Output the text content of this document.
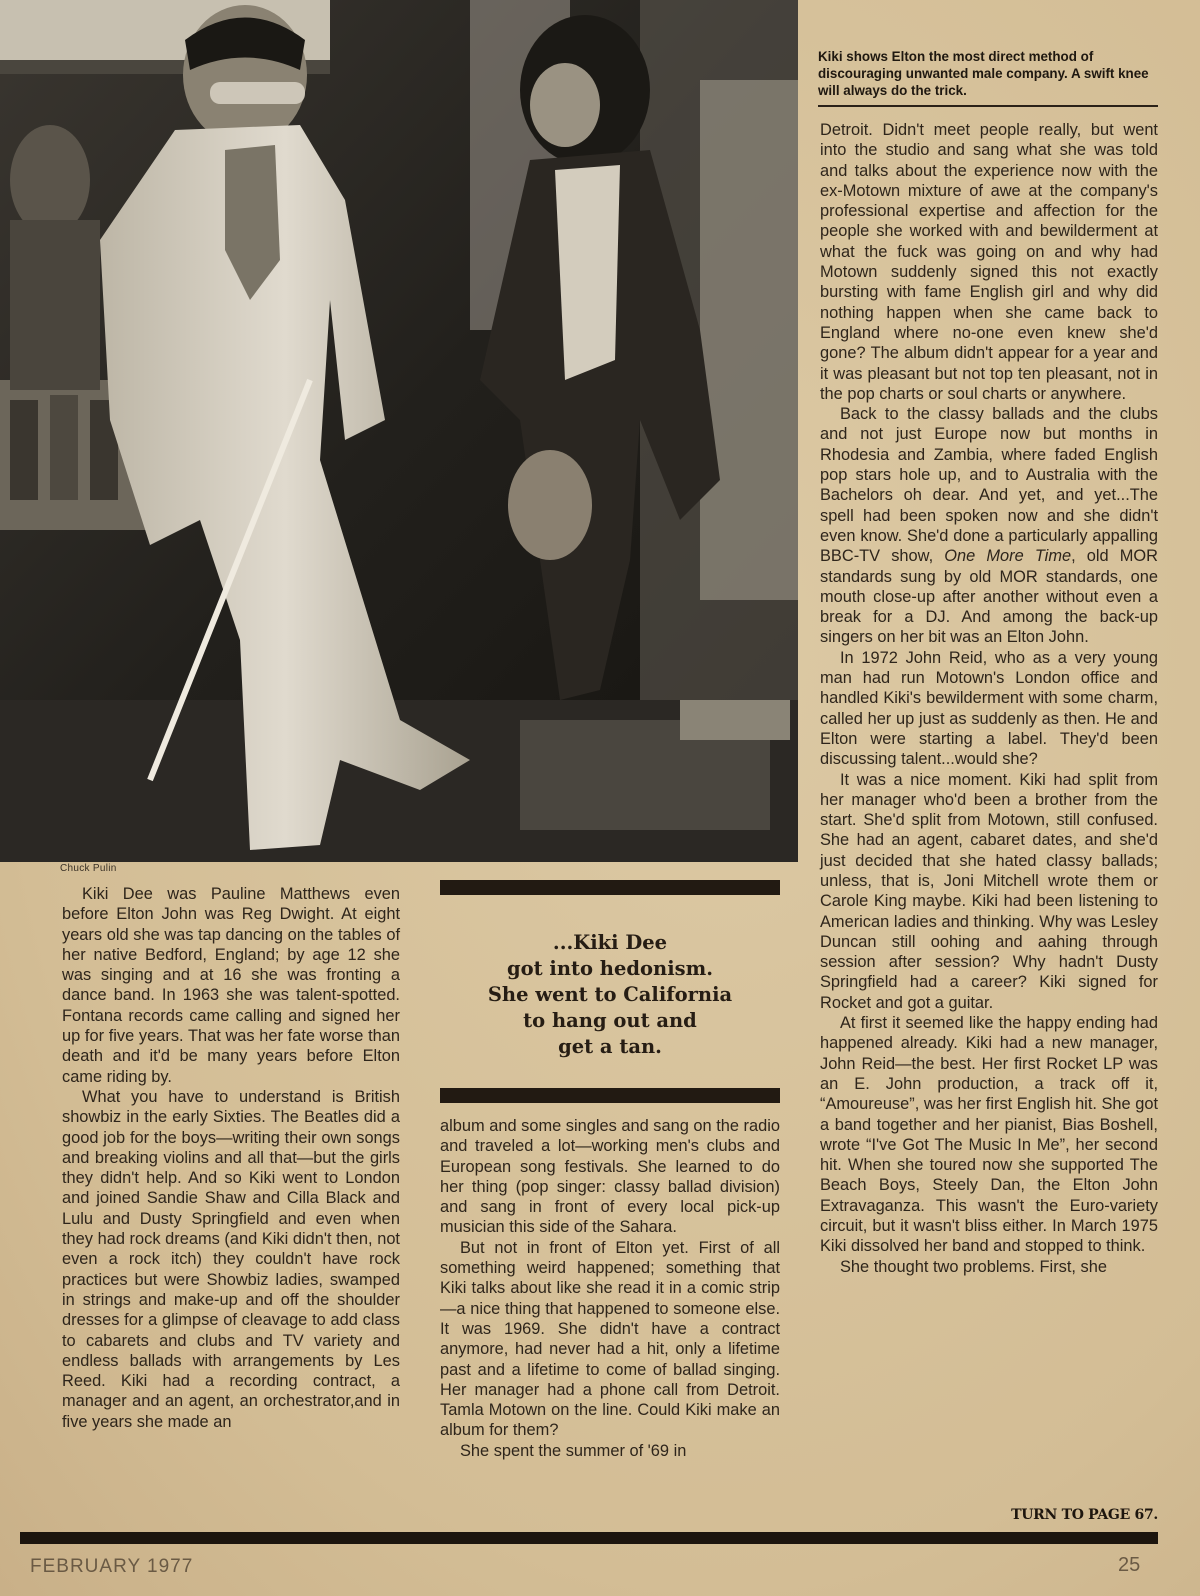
Chuck Pulin
Kiki shows Elton the most direct method of discouraging unwanted male company. A swift knee will always do the trick.

Kiki Dee was Pauline Matthews even before Elton John was Reg Dwight. At eight years old she was tap dancing on the tables of her native Bedford, England; by age 12 she was singing and at 16 she was fronting a dance band. In 1963 she was talent-spotted. Fontana records came calling and signed her up for five years. That was her fate worse than death and it'd be many years before Elton came riding by.

What you have to understand is British showbiz in the early Sixties. The Beatles did a good job for the boys—writing their own songs and breaking violins and all that—but the girls they didn't help. And so Kiki went to London and joined Sandie Shaw and Cilla Black and Lulu and Dusty Springfield and even when they had rock dreams (and Kiki didn't then, not even a rock itch) they couldn't have rock practices but were Showbiz ladies, swamped in strings and make-up and off the shoulder dresses for a glimpse of cleavage to add class to cabarets and clubs and TV variety and endless ballads with arrangements by Les Reed. Kiki had a recording contract, a manager and an agent, an orchestrator,and in five years she made an

...Kiki Dee
got into hedonism.
She went to California
to hang out and
get a tan.

album and some singles and sang on the radio and traveled a lot—working men's clubs and European song festivals. She learned to do her thing (pop singer: classy ballad division) and sang in front of every local pick-up musician this side of the Sahara.

But not in front of Elton yet. First of all something weird happened; something that Kiki talks about like she read it in a comic strip—a nice thing that happened to someone else. It was 1969. She didn't have a contract anymore, had never had a hit, only a lifetime past and a lifetime to come of ballad singing. Her manager had a phone call from Detroit. Tamla Motown on the line. Could Kiki make an album for them?

She spent the summer of '69 in

Detroit. Didn't meet people really, but went into the studio and sang what she was told and talks about the experience now with the ex-Motown mixture of awe at the company's professional expertise and affection for the people she worked with and bewilderment at what the fuck was going on and why had Motown suddenly signed this not exactly bursting with fame English girl and why did nothing happen when she came back to England where no-one even knew she'd gone? The album didn't appear for a year and it was pleasant but not top ten pleasant, not in the pop charts or soul charts or anywhere.

Back to the classy ballads and the clubs and not just Europe now but months in Rhodesia and Zambia, where faded English pop stars hole up, and to Australia with the Bachelors oh dear. And yet, and yet...The spell had been spoken now and she didn't even know. She'd done a particularly appalling BBC-TV show, One More Time, old MOR standards sung by old MOR standards, one mouth close-up after another without even a break for a DJ. And among the back-up singers on her bit was an Elton John.

In 1972 John Reid, who as a very young man had run Motown's London office and handled Kiki's bewilderment with some charm, called her up just as suddenly as then. He and Elton were starting a label. They'd been discussing talent...would she?

It was a nice moment. Kiki had split from her manager who'd been a brother from the start. She'd split from Motown, still confused. She had an agent, cabaret dates, and she'd just decided that she hated classy ballads; unless, that is, Joni Mitchell wrote them or Carole King maybe. Kiki had been listening to American ladies and thinking. Why was Lesley Duncan still oohing and aahing through session after session? Why hadn't Dusty Springfield had a career? Kiki signed for Rocket and got a guitar.

At first it seemed like the happy ending had happened already. Kiki had a new manager, John Reid—the best. Her first Rocket LP was an E. John production, a track off it, “Amoureuse”, was her first English hit. She got a band together and her pianist, Bias Boshell, wrote “I've Got The Music In Me”, her second hit. When she toured now she supported The Beach Boys, Steely Dan, the Elton John Extravaganza. This wasn't the Euro-variety circuit, but it wasn't bliss either. In March 1975 Kiki dissolved her band and stopped to think.

She thought two problems. First, she

TURN TO PAGE 67.
FEBRUARY 1977	25
